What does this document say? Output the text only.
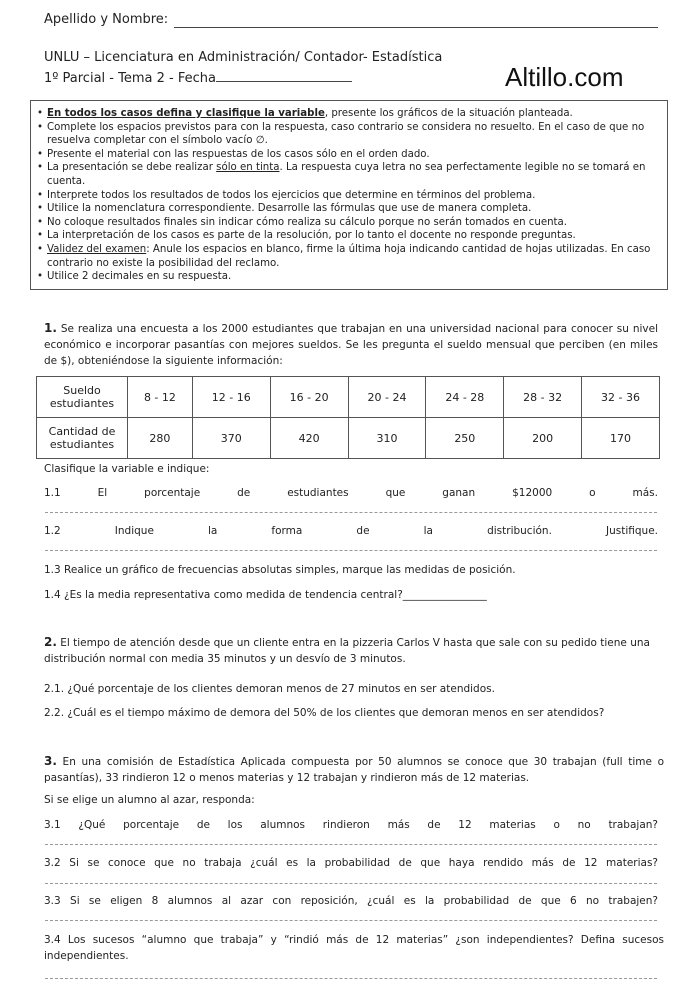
Apellido y Nombre:
UNLU – Licenciatura en Administración/ Contador- Estadística
1º Parcial - Tema 2 - Fecha	Altillo.com
• En todos los casos defina y clasifique la variable, presente los gráficos de la situación planteada.
• Complete los espacios previstos para con la respuesta, caso contrario se considera no resuelto. En el caso de que no resuelva completar con el símbolo vacío ∅.
• Presente el material con las respuestas de los casos sólo en el orden dado.
• La presentación se debe realizar sólo en tinta. La respuesta cuya letra no sea perfectamente legible no se tomará en cuenta.
• Interprete todos los resultados de todos los ejercicios que determine en términos del problema.
• Utilice la nomenclatura correspondiente. Desarrolle las fórmulas que use de manera completa.
• No coloque resultados finales sin indicar cómo realiza su cálculo porque no serán tomados en cuenta.
• La interpretación de los casos es parte de la resolución, por lo tanto el docente no responde preguntas.
• Validez del examen: Anule los espacios en blanco, firme la última hoja indicando cantidad de hojas utilizadas. En caso contrario no existe la posibilidad del reclamo.
• Utilice 2 decimales en su respuesta.
1. Se realiza una encuesta a los 2000 estudiantes que trabajan en una universidad nacional para conocer su nivel económico e incorporar pasantías con mejores sueldos. Se les pregunta el sueldo mensual que perciben (en miles de $), obteniéndose la siguiente información:
Sueldo
estudiantes	8 - 12	12 - 16	16 - 20	20 - 24	24 - 28	28 - 32	32 - 36
Cantidad de
estudiantes	280	370	420	310	250	200	170
Clasifique la variable e indique:
1.1 El porcentaje de estudiantes que ganan $12000 o más.
1.2 Indique la forma de la distribución. Justifique.
1.3 Realice un gráfico de frecuencias absolutas simples, marque las medidas de posición.
1.4 ¿Es la media representativa como medida de tendencia central?________________
2. El tiempo de atención desde que un cliente entra en la pizzeria Carlos V hasta que sale con su pedido tiene una distribución normal con media 35 minutos y un desvío de 3 minutos.
2.1. ¿Qué porcentaje de los clientes demoran menos de 27 minutos en ser atendidos.
2.2. ¿Cuál es el tiempo máximo de demora del 50% de los clientes que demoran menos en ser atendidos?
3. En una comisión de Estadística Aplicada compuesta por 50 alumnos se conoce que 30 trabajan (full time o pasantías), 33 rindieron 12 o menos materias y 12 trabajan y rindieron más de 12 materias.
Si se elige un alumno al azar, responda:
3.1 ¿Qué porcentaje de los alumnos rindieron más de 12 materias o no trabajan?
3.2 Si se conoce que no trabaja ¿cuál es la probabilidad de que haya rendido más de 12 materias?
3.3 Si se eligen 8 alumnos al azar con reposición, ¿cuál es la probabilidad de que 6 no trabajen?
3.4 Los sucesos “alumno que trabaja” y “rindió más de 12 materias” ¿son independientes? Defina sucesos independientes.
